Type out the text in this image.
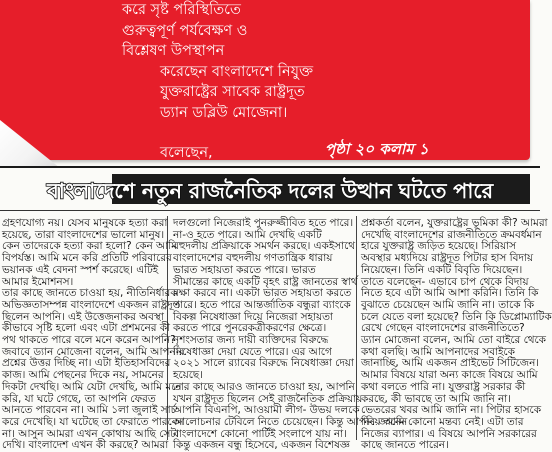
করে সৃষ্ট পরিস্থিতিতে
গুরুত্বপূর্ণ পর্যবেক্ষণ ও
বিশ্লেষণ উপস্থাপন
করেছেন বাংলাদেশে নিযুক্ত
যুক্তরাষ্ট্রের সাবেক রাষ্ট্রদূত
ড্যান ডব্লিউ মোজেনা।
বলেছেন,	পৃষ্ঠা ২০ কলাম ১
বাংলাদেশে নতুন রাজনৈতিক দলের উত্থান ঘটতে পারে

গ্রহণযোগ্য নয়। যেসব মানুষকে হত্যা করা

হয়েছে, তারা বাংলাদেশের ভালো মানুষ।

কেন তাদেরকে হত্যা করা হলো? কেন আমি

বিপর্যস্ত। আমি মনে করি প্রতিটি পরিবারের

ভয়ানক এই বেদনা স্পর্শ করেছে। এটিই

আমার ইমোশনস।

তার কাছে জানতে চাওয়া হয়, নীতিনির্ধারক

অভিজ্ঞতাসম্পন্ন বাংলাদেশে একজন রাষ্ট্রদূত

ছিলেন আপনি। এই উত্তেজনাকর অবস্থা

কীভাবে সৃষ্টি হলো এবং এটা প্রশমনের কী

পথ থাকতে পারে বলে মনে করেন আপনি?

জবাবে ড্যান মোজেনা বলেন, আমি আপনার

প্রশ্নের উত্তর দিচ্ছি না। এটা ইতিহাসবিদের

কাজ। আমি পেছনের দিকে নয়, সামনের

দিকটা দেখছি। আমি যেটা দেখছি, আমি মনে

করি, যা ঘটে গেছে, তা আপনি ফেরত

আনতে পারবেন না। আমি ১লা জুলাই সার্চ

করে দেখেছি। যা ঘটেছে তা ফেরাতে পারবেন

না। আসুন আমরা এখন কোথায় আছি সেটা

দেখি। বাংলাদেশ এখন কী করছে? আমরা

দলগুলো নিজেরাই পুনরুজ্জীবিত হতে পারে।

না-ও হতে পারে। আমি দেখছি একটি

বহুদলীয় প্রক্রিয়াকে সমর্থন করছে। একইসাথে

বাংলাদেশের বহুদলীয় গণতান্ত্রিক ধারায়

ভারত সহায়তা করতে পারে। ভারত

সীমান্তের কাছে একটি বৃহৎ রাষ্ট্র জানতের স্বার্থ

রক্ষা করবে না। একটা ভারত সহায়তা করতে

পারে। হতে পারে আন্তর্জাতিক বন্ধুরা ব্যাংকে

বিকল্প নিষেধাজ্ঞা দিয়ে নিজেরা সহায়তা

করতে পারে পুনরেকত্রীকরণের ক্ষেত্রে।

নৃশংসতার জন্য দায়ী ব্যক্তিদের বিরুদ্ধে

নিষেধাজ্ঞা দেয়া যেতে পারে। এর আগে

২০২১ সালে র‌্যাবের বিরুদ্ধে নিষেধাজ্ঞা দেয়া

হয়েছে।

তার কাছে আরও জানতে চাওয়া হয়, আপনি

যখন রাষ্ট্রদূত ছিলেন সেই রাজনৈতিক প্রক্রিয়ায়

আপনি বিএনপি, আওয়ামী লীগ- উভয় দলকে

আলোচনার টেবিলে নিতে চেয়েছেন। কিন্তু আপনি জানেন

বাংলাদেশে কোনো পার্টিই সংলাপে যায় না।

কিন্তু একজন বন্ধু হিসেবে, একজন বিশেষজ্ঞ

প্রশ্নকর্তা বলেন, যুক্তরাষ্ট্রের ভূমিকা কী? আমরা

দেখেছি বাংলাদেশের রাজনীতিতে ক্রমবর্ধমান

হারে যুক্তরাষ্ট্র জড়িত হয়েছে। সিরিয়াস

অবস্থার মধ্যদিয়ে রাষ্ট্রদূত পিটার হাস বিদায়

নিয়েছেন। তিনি একটি বিবৃতি দিয়েছেন।

তাতে বলেছেন- এভাবে চাপ থেকে বিদায়

নিতে হবে এটা আমি আশা করিনি। তিনি কি

বুঝাতে চেয়েছেন আমি জানি না। তাকে কি

চলে যেতে বলা হয়েছে? তিনি কি ডিপ্লোম্যাটিক

রেখে গেছেন বাংলাদেশের রাজনীতিতে?

ড্যান মোজেনা বলেন, আমি তো বাইরে থেকে

কথা বলছি। আমি আপনাদের সবাইকে

জানাচ্ছি, আমি একজন প্রাইভেট সিটিজেন।

আমার বিষয়ে যারা অন্য কাজে বিষয়ে আমি

কথা বলতে পারি না। যুক্তরাষ্ট্র সরকার কী

করছে, কী ভাবছে তা আমি জানি না।

ভেতরের খবর আমি জানি না। পিটার হাসকে

নিয়ে আমি কোনো মন্তব্য নেই। এটা তার

নিজের ব্যাপার। এ বিষয়ে আপনি সরকারের

কাছে জানতে পারেন।
